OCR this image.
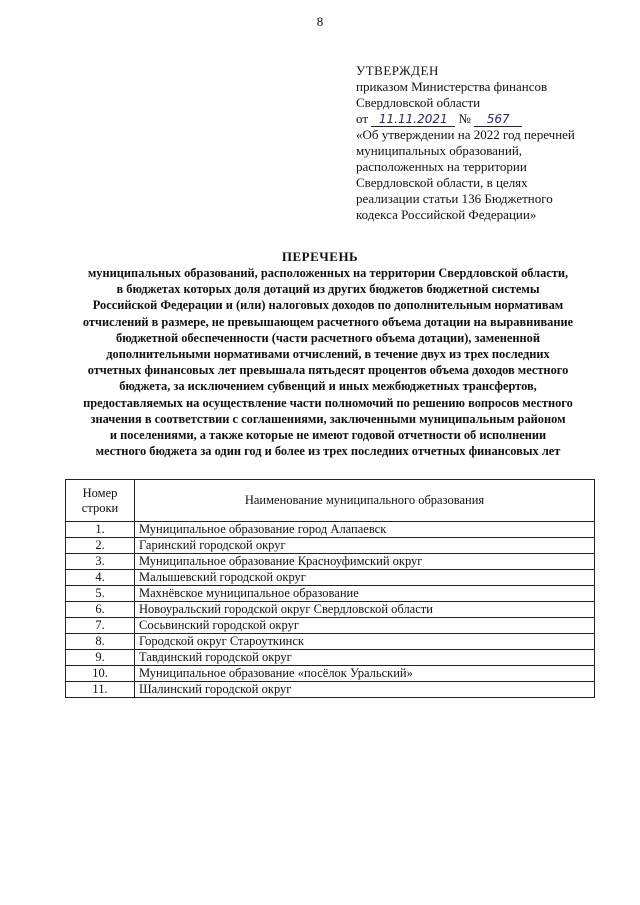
8
УТВЕРЖДЕН
приказом Министерства финансов
Свердловской области
от 11.11.2021 № 567
«Об утверждении на 2022 год перечней
муниципальных образований,
расположенных на территории
Свердловской области, в целях
реализации статьи 136 Бюджетного
кодекса Российской Федерации»
ПЕРЕЧЕНЬ
муниципальных образований, расположенных на территории Свердловской области,
в бюджетах которых доля дотаций из других бюджетов бюджетной системы
Российской Федерации и (или) налоговых доходов по дополнительным нормативам
отчислений в размере, не превышающем расчетного объема дотации на выравнивание
бюджетной обеспеченности (части расчетного объема дотации), замененной
дополнительными нормативами отчислений, в течение двух из трех последних
отчетных финансовых лет превышала пятьдесят процентов объема доходов местного
бюджета, за исключением субвенций и иных межбюджетных трансфертов,
предоставляемых на осуществление части полномочий по решению вопросов местного
значения в соответствии с соглашениями, заключенными муниципальным районом
и поселениями, а также которые не имеют годовой отчетности об исполнении
местного бюджета за один год и более из трех последних отчетных финансовых лет
Номер
строки	Наименование муниципального образования
1.	Муниципальное образование город Алапаевск
2.	Гаринский городской округ
3.	Муниципальное образование Красноуфимский округ
4.	Малышевский городской округ
5.	Махнёвское муниципальное образование
6.	Новоуральский городской округ Свердловской области
7.	Сосьвинский городской округ
8.	Городской округ Староуткинск
9.	Тавдинский городской округ
10.	Муниципальное образование «посёлок Уральский»
11.	Шалинский городской округ
